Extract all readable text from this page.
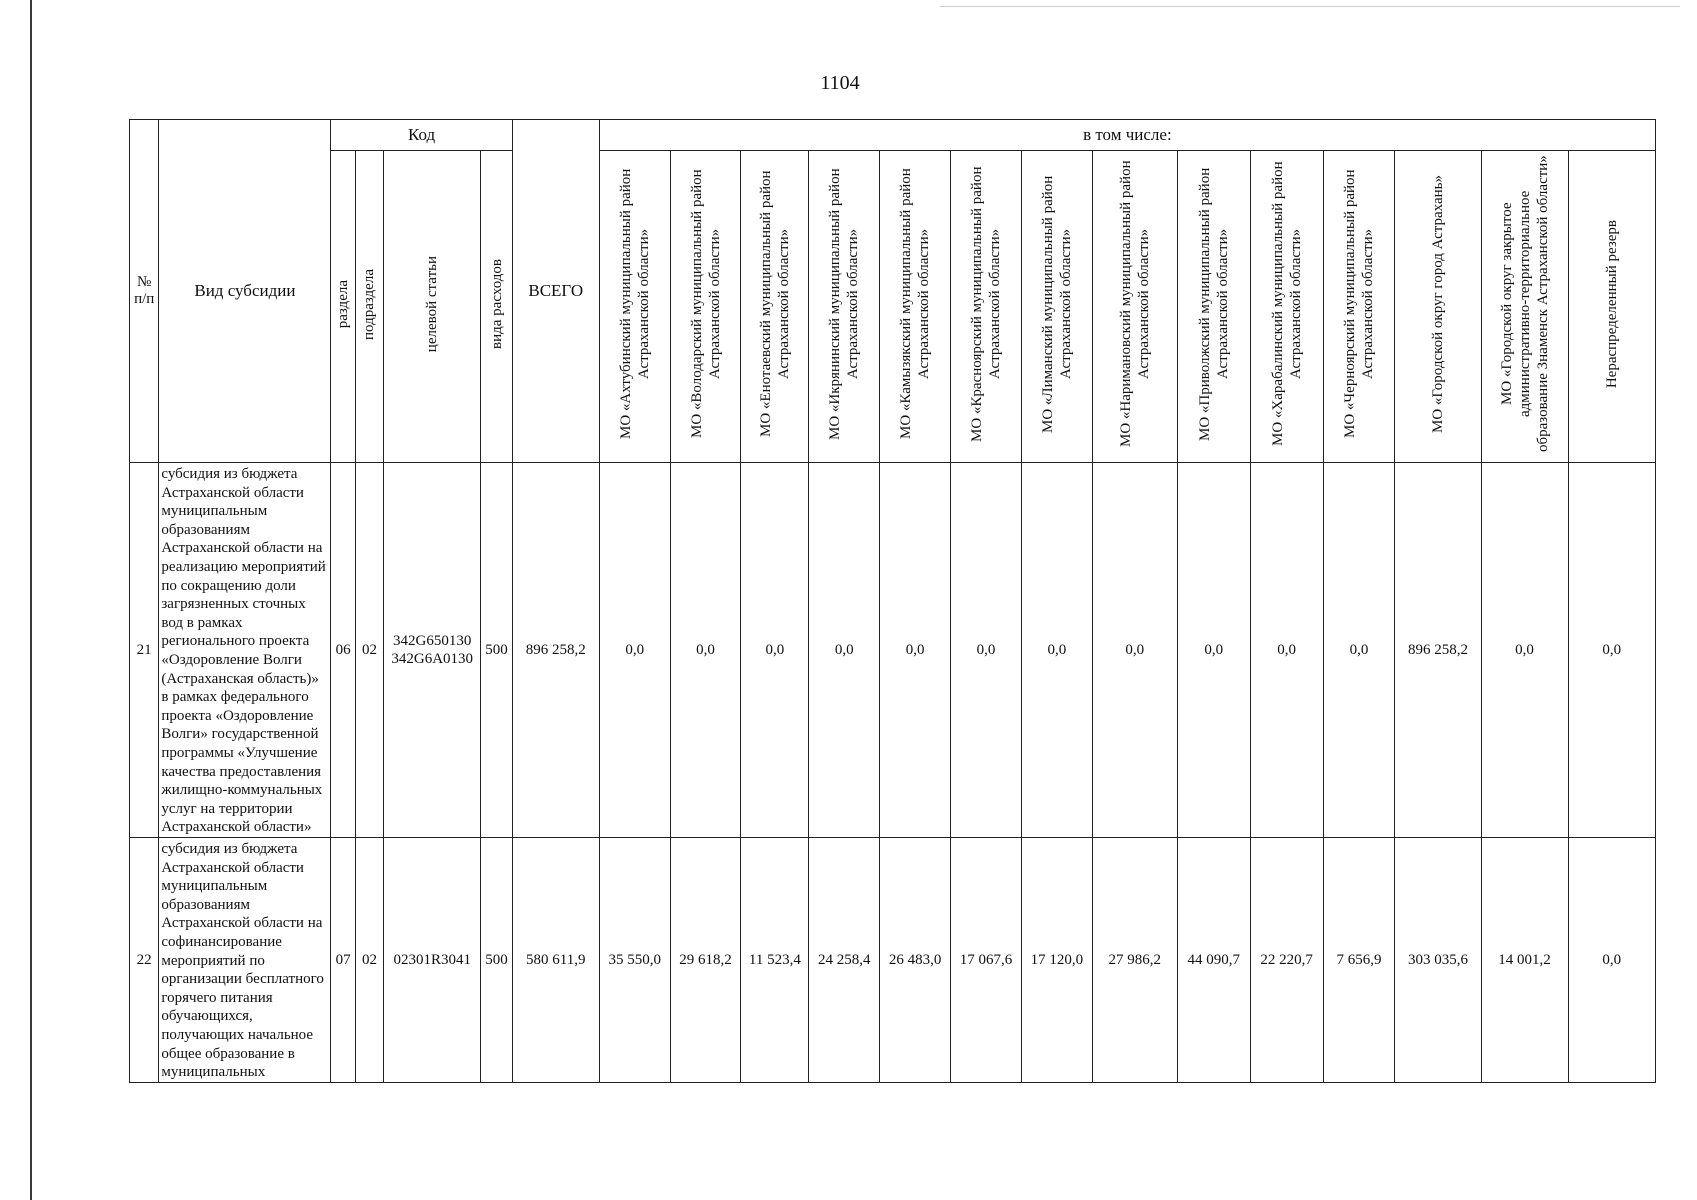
1104
№ п/п	Вид субсидии	Код				ВСЕГО	в том числе:													
		раздела	подраздела	целевой статьи	вида расходов		МО «Ахтубинский муниципальный район Астраханской области»	МО «Володарский муниципальный район Астраханской области»	МО «Енотаевский муниципальный район Астраханской области»	МО «Икрянинский муниципальный район Астраханской области»	МО «Камызякский муниципальный район Астраханской области»	МО «Красноярский муниципальный район Астраханской области»	МО «Лиманский муниципальный район Астраханской области»	МО «Наримановский муниципальный район Астраханской области»	МО «Приволжский муниципальный район Астраханской области»	МО «Харабалинский муниципальный район Астраханской области»	МО «Черноярский муниципальный район Астраханской области»	МО «Городской округ город Астрахань»	МО «Городской округ закрытое административно-территориальное образование Знаменск Астраханской области»	Нераспределенный резерв
21	субсидия из бюджета Астраханской области муниципальным образованиям Астраханской области на реализацию мероприятий по сокращению доли загрязненных сточных вод в рамках регионального проекта «Оздоровление Волги (Астраханская область)» в рамках федерального проекта «Оздоровление Волги» государственной программы «Улучшение качества предоставления жилищно-коммунальных услуг на территории Астраханской области»	06	02	342G650130
342G6A0130	500	896 258,2	0,0	0,0	0,0	0,0	0,0	0,0	0,0	0,0	0,0	0,0	0,0	896 258,2	0,0	0,0
22	субсидия из бюджета Астраханской области муниципальным образованиям Астраханской области на софинансирование мероприятий по организации бесплатного горячего питания обучающихся, получающих начальное общее образование в муниципальных	07	02	02301R3041	500	580 611,9	35 550,0	29 618,2	11 523,4	24 258,4	26 483,0	17 067,6	17 120,0	27 986,2	44 090,7	22 220,7	7 656,9	303 035,6	14 001,2	0,0
